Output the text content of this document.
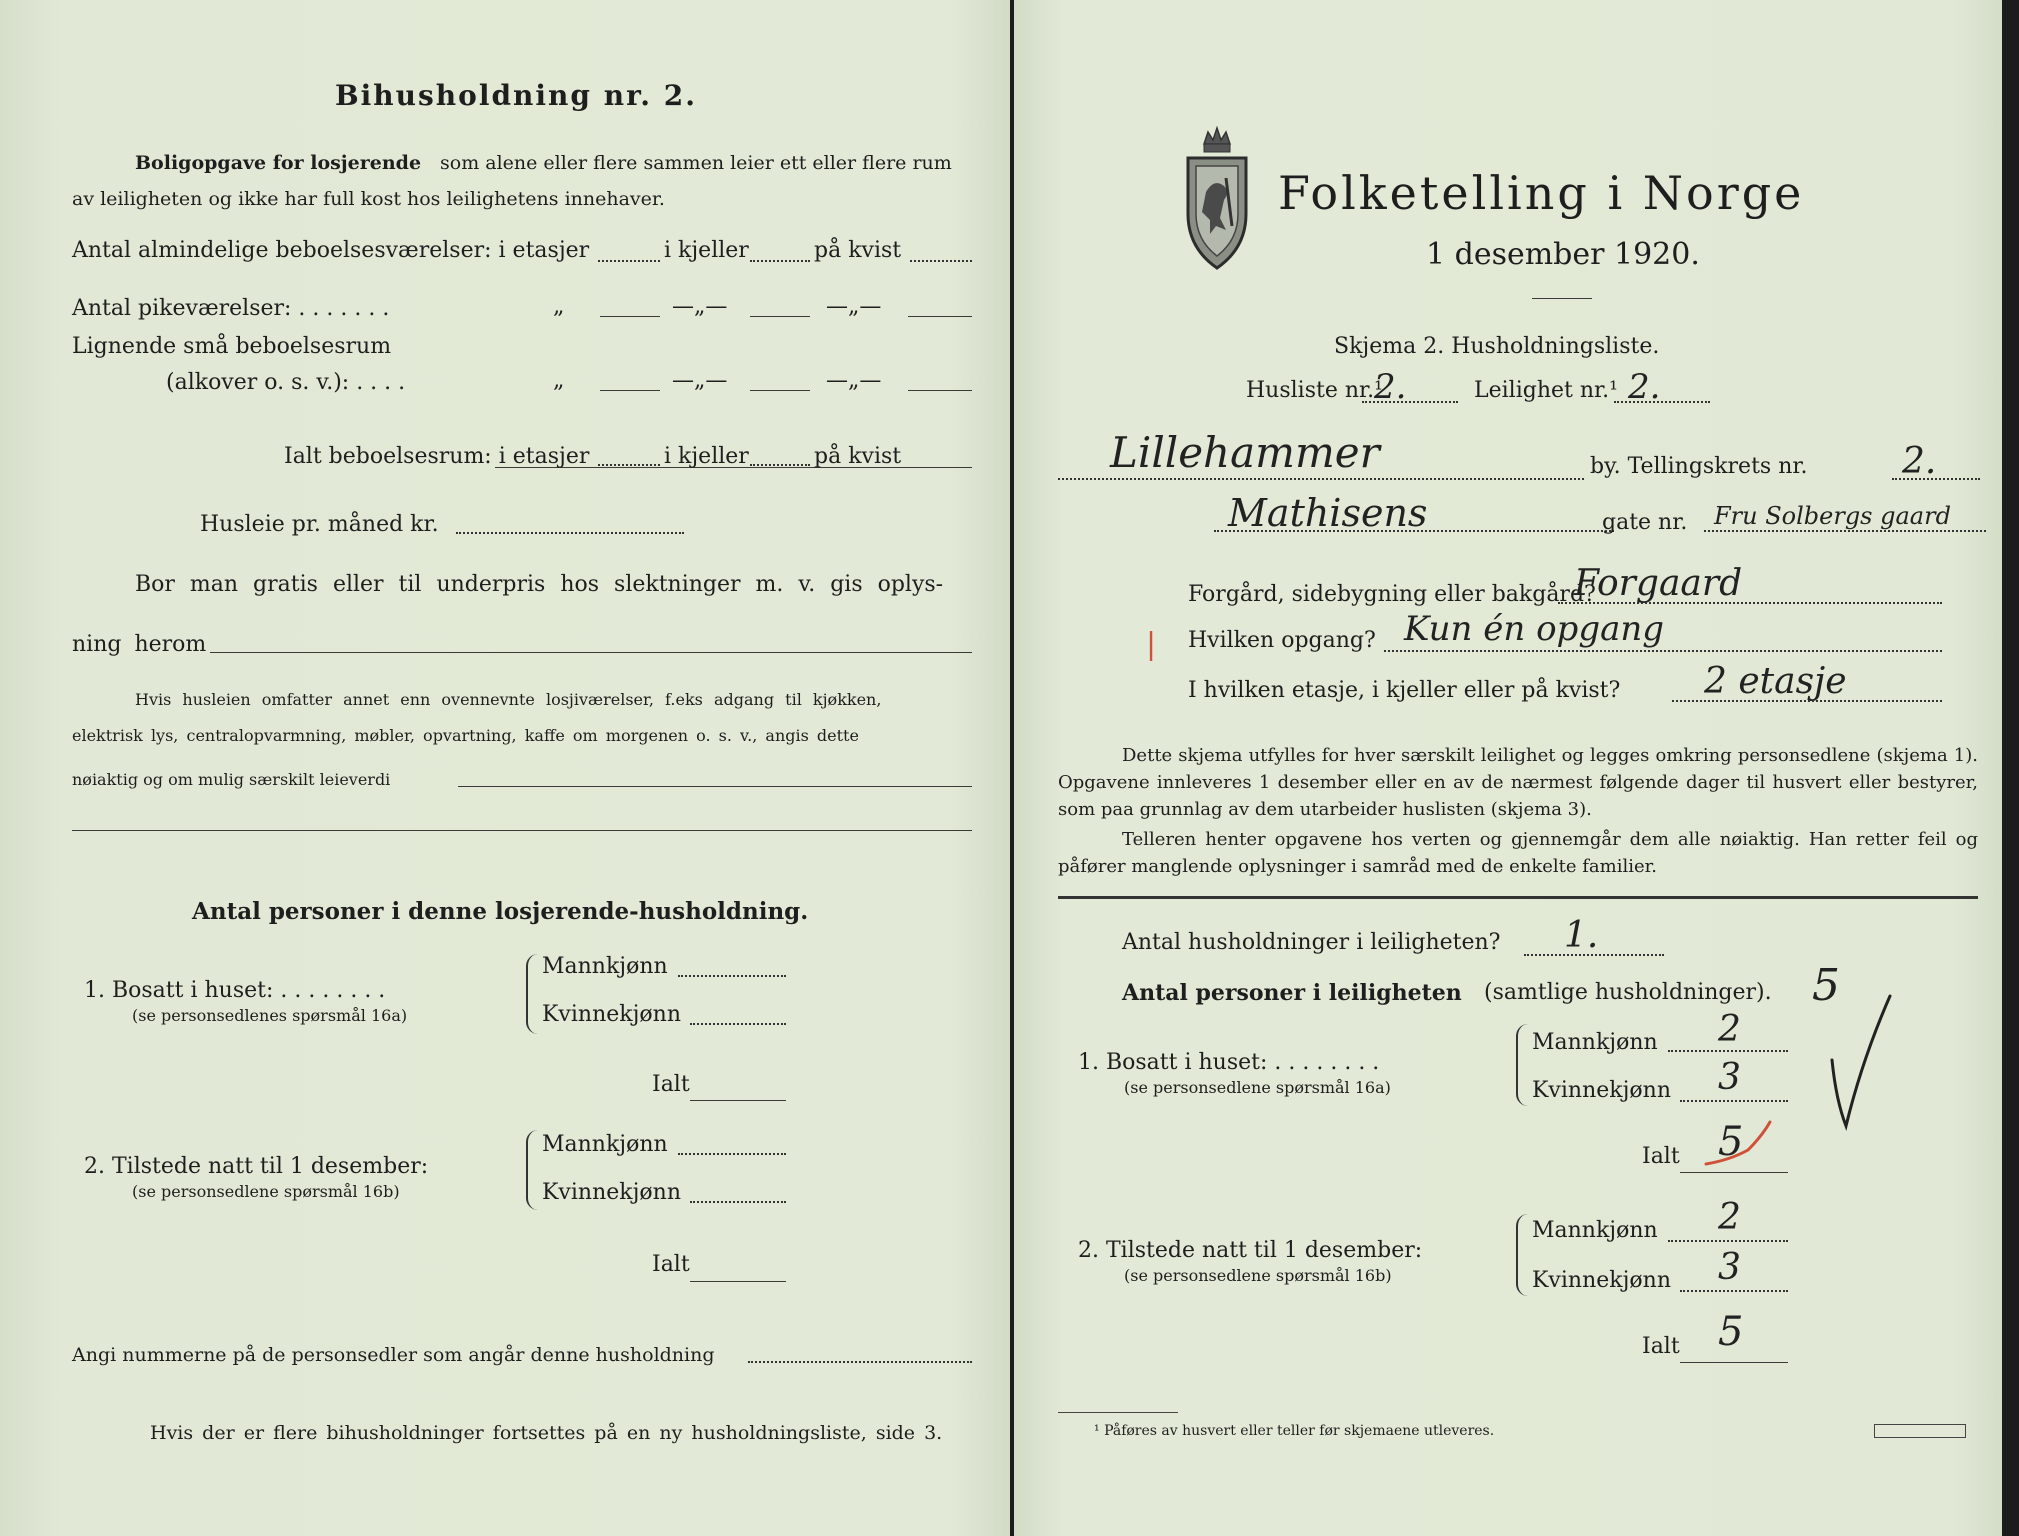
Bihusholdning nr. 2.
Boligopgave for losjerende som alene eller flere sammen leier ett eller flere rum
av leiligheten og ikke har full kost hos leilighetens innehaver.
Antal almindelige beboelsesværelser: i etasjer	i kjeller	på kvist
Antal pikeværelser: . . . . . . .	„	—„—	—„—
Lignende små beboelsesrum
(alkover o. s. v.): . . . .	„	—„—	—„—
Ialt beboelsesrum: i etasjer	i kjeller	på kvist
Husleie pr. måned kr.
Bor man gratis eller til underpris hos slektninger m. v. gis oplys-
ning herom
Hvis husleien omfatter annet enn ovennevnte losjiværelser, f.eks adgang til kjøkken,
elektrisk lys, centralopvarmning, møbler, opvartning, kaffe om morgenen o. s. v., angis dette
nøiaktig og om mulig særskilt leieverdi
Antal personer i denne losjerende-husholdning.
1. Bosatt i huset: . . . . . . . .
(se personsedlenes spørsmål 16a)
Mannkjønn
Kvinnekjønn
Ialt
2. Tilstede natt til 1 desember:
(se personsedlene spørsmål 16b)
Mannkjønn
Kvinnekjønn
Ialt
Angi nummerne på de personsedler som angår denne husholdning
Hvis der er flere bihusholdninger fortsettes på en ny husholdningsliste, side 3.
Folketelling i Norge
1 desember 1920.
Skjema 2. Husholdningsliste.
Husliste nr.¹
2.	Leilighet nr.¹ 2.
Lillehammer	by. Tellingskrets nr.	2.
Mathisens	gate nr. Fru Solbergs gaard
Forgård, sidebygning eller bakgård?
Forgaard
| Hvilken opgang? Kun én opgang
I hvilken etasje, i kjeller eller på kvist? 2 etasje
Dette skjema utfylles for hver særskilt leilighet og legges omkring personsedlene (skjema 1). Opgavene innleveres 1 desember eller en av de nærmest følgende dager til husvert eller bestyrer, som paa grunnlag av dem utarbeider huslisten (skjema 3).
Telleren henter opgavene hos verten og gjennemgår dem alle nøiaktig. Han retter feil og påfører manglende oplysninger i samråd med de enkelte familier.
Antal husholdninger i leiligheten? 1.
Antal personer i leiligheten (samtlige husholdninger). 5
1. Bosatt i huset: . . . . . . . .
(se personsedlene spørsmål 16a)
Mannkjønn 2
Kvinnekjønn 3
Ialt 5
2. Tilstede natt til 1 desember:
(se personsedlene spørsmål 16b)
Mannkjønn 2
Kvinnekjønn 3
Ialt 5
¹ Påføres av husvert eller teller før skjemaene utleveres.
